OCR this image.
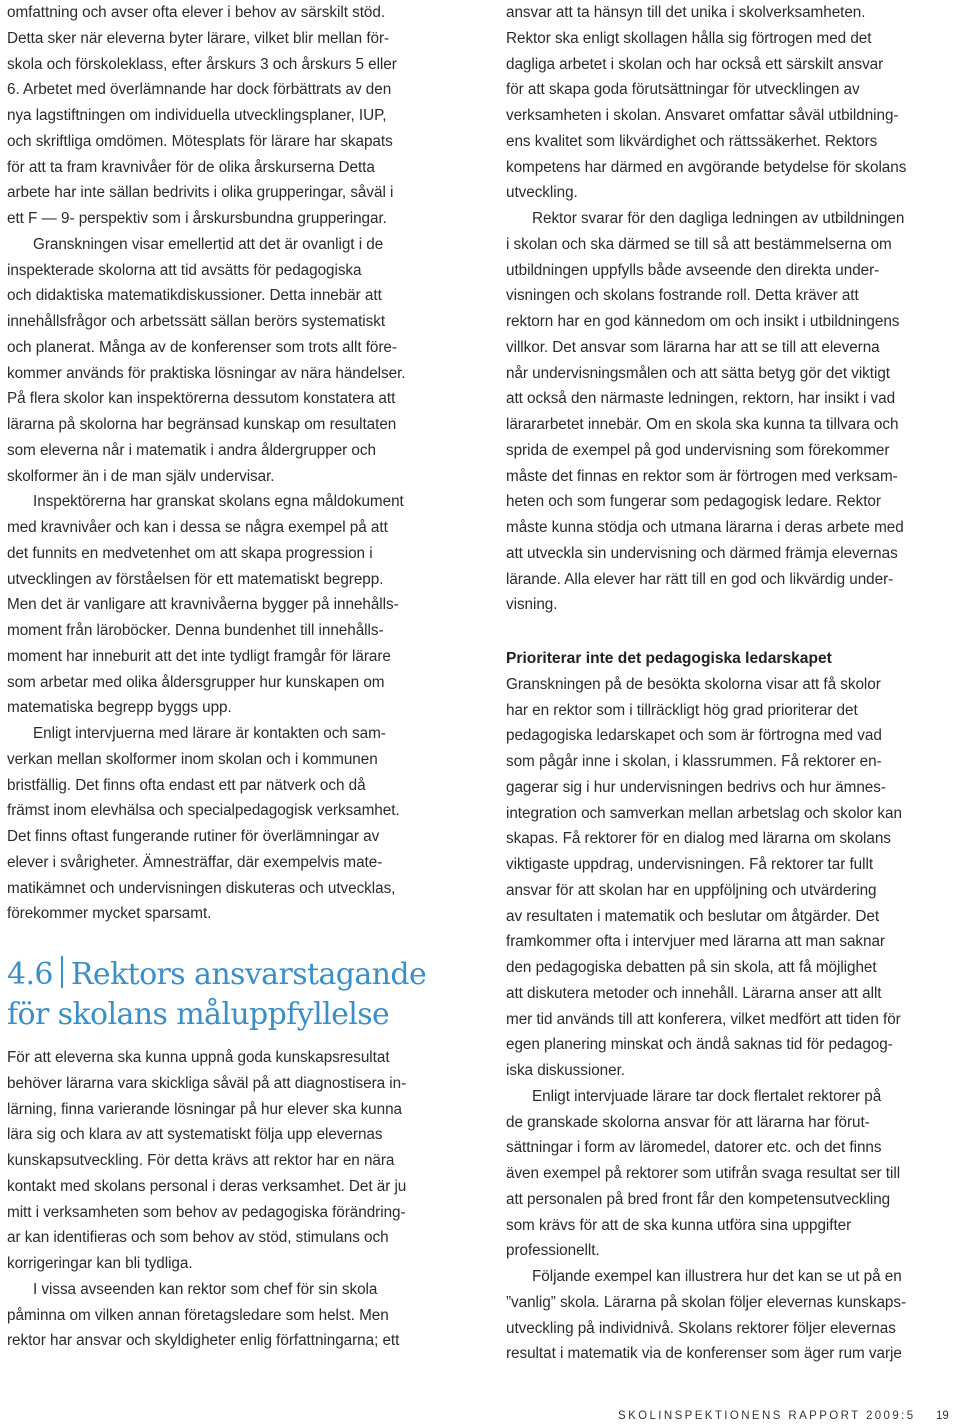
omfattning och avser ofta elever i behov av särskilt stöd.
Detta sker när eleverna byter lärare, vilket blir mellan för-
skola och förskoleklass, efter årskurs 3 och årskurs 5 eller
6. Arbetet med överlämnande har dock förbättrats av den
nya lagstiftningen om individuella utvecklingsplaner, IUP,
och skriftliga omdömen. Mötesplats för lärare har skapats
för att ta fram kravnivåer för de olika årskurserna Detta
arbete har inte sällan bedrivits i olika grupperingar, såväl i
ett F — 9- perspektiv som i årskursbundna grupperingar.
Granskningen visar emellertid att det är ovanligt i de
inspekterade skolorna att tid avsätts för pedagogiska
och didaktiska matematikdiskussioner. Detta innebär att
innehållsfrågor och arbetssätt sällan berörs systematiskt
och planerat. Många av de konferenser som trots allt före-
kommer används för praktiska lösningar av nära händelser.
På flera skolor kan inspektörerna dessutom konstatera att
lärarna på skolorna har begränsad kunskap om resultaten
som eleverna når i matematik i andra åldergrupper och
skolformer än i de man själv undervisar.
Inspektörerna har granskat skolans egna måldokument
med kravnivåer och kan i dessa se några exempel på att
det funnits en medvetenhet om att skapa progression i
utvecklingen av förståelsen för ett matematiskt begrepp.
Men det är vanligare att kravnivåerna bygger på innehålls-
moment från läroböcker. Denna bundenhet till innehålls-
moment har inneburit att det inte tydligt framgår för lärare
som arbetar med olika åldersgrupper hur kunskapen om
matematiska begrepp byggs upp.
Enligt intervjuerna med lärare är kontakten och sam-
verkan mellan skolformer inom skolan och i kommunen
bristfällig. Det finns ofta endast ett par nätverk och då
främst inom elevhälsa och specialpedagogisk verksamhet.
Det finns oftast fungerande rutiner för överlämningar av
elever i svårigheter. Ämnesträffar, där exempelvis mate-
matikämnet och undervisningen diskuteras och utvecklas,
förekommer mycket sparsamt.
4.6 Rektors ansvarstagande
för skolans måluppfyllelse
För att eleverna ska kunna uppnå goda kunskapsresultat
behöver lärarna vara skickliga såväl på att diagnostisera in-
lärning, finna varierande lösningar på hur elever ska kunna
lära sig och klara av att systematiskt följa upp elevernas
kunskapsutveckling. För detta krävs att rektor har en nära
kontakt med skolans personal i deras verksamhet. Det är ju
mitt i verksamheten som behov av pedagogiska förändring-
ar kan identifieras och som behov av stöd, stimulans och
korrigeringar kan bli tydliga.
I vissa avseenden kan rektor som chef för sin skola
påminna om vilken annan företagsledare som helst. Men
rektor har ansvar och skyldigheter enlig författningarna; ett
ansvar att ta hänsyn till det unika i skolverksamheten.
Rektor ska enligt skollagen hålla sig förtrogen med det
dagliga arbetet i skolan och har också ett särskilt ansvar
för att skapa goda förutsättningar för utvecklingen av
verksamheten i skolan. Ansvaret omfattar såväl utbildning-
ens kvalitet som likvärdighet och rättssäkerhet. Rektors
kompetens har därmed en avgörande betydelse för skolans
utveckling.
Rektor svarar för den dagliga ledningen av utbildningen
i skolan och ska därmed se till så att bestämmelserna om
utbildningen uppfylls både avseende den direkta under-
visningen och skolans fostrande roll. Detta kräver att
rektorn har en god kännedom om och insikt i utbildningens
villkor. Det ansvar som lärarna har att se till att eleverna
når undervisningsmålen och att sätta betyg gör det viktigt
att också den närmaste ledningen, rektorn, har insikt i vad
lärararbetet innebär. Om en skola ska kunna ta tillvara och
sprida de exempel på god undervisning som förekommer
måste det finnas en rektor som är förtrogen med verksam-
heten och som fungerar som pedagogisk ledare. Rektor
måste kunna stödja och utmana lärarna i deras arbete med
att utveckla sin undervisning och därmed främja elevernas
lärande. Alla elever har rätt till en god och likvärdig under-
visning.
Prioriterar inte det pedagogiska ledarskapet
Granskningen på de besökta skolorna visar att få skolor
har en rektor som i tillräckligt hög grad prioriterar det
pedagogiska ledarskapet och som är förtrogna med vad
som pågår inne i skolan, i klassrummen. Få rektorer en-
gagerar sig i hur undervisningen bedrivs och hur ämnes-
integration och samverkan mellan arbetslag och skolor kan
skapas. Få rektorer för en dialog med lärarna om skolans
viktigaste uppdrag, undervisningen. Få rektorer tar fullt
ansvar för att skolan har en uppföljning och utvärdering
av resultaten i matematik och beslutar om åtgärder. Det
framkommer ofta i intervjuer med lärarna att man saknar
den pedagogiska debatten på sin skola, att få möjlighet
att diskutera metoder och innehåll. Lärarna anser att allt
mer tid används till att konferera, vilket medfört att tiden för
egen planering minskat och ändå saknas tid för pedagog-
iska diskussioner.
Enligt intervjuade lärare tar dock flertalet rektorer på
de granskade skolorna ansvar för att lärarna har förut-
sättningar i form av läromedel, datorer etc. och det finns
även exempel på rektorer som utifrån svaga resultat ser till
att personalen på bred front får den kompetensutveckling
som krävs för att de ska kunna utföra sina uppgifter
professionellt.
Följande exempel kan illustrera hur det kan se ut på en
”vanlig” skola. Lärarna på skolan följer elevernas kunskaps-
utveckling på individnivå. Skolans rektorer följer elevernas
resultat i matematik via de konferenser som äger rum varje
SKOLINSPEKTIONENS RAPPORT 2009:5 19
